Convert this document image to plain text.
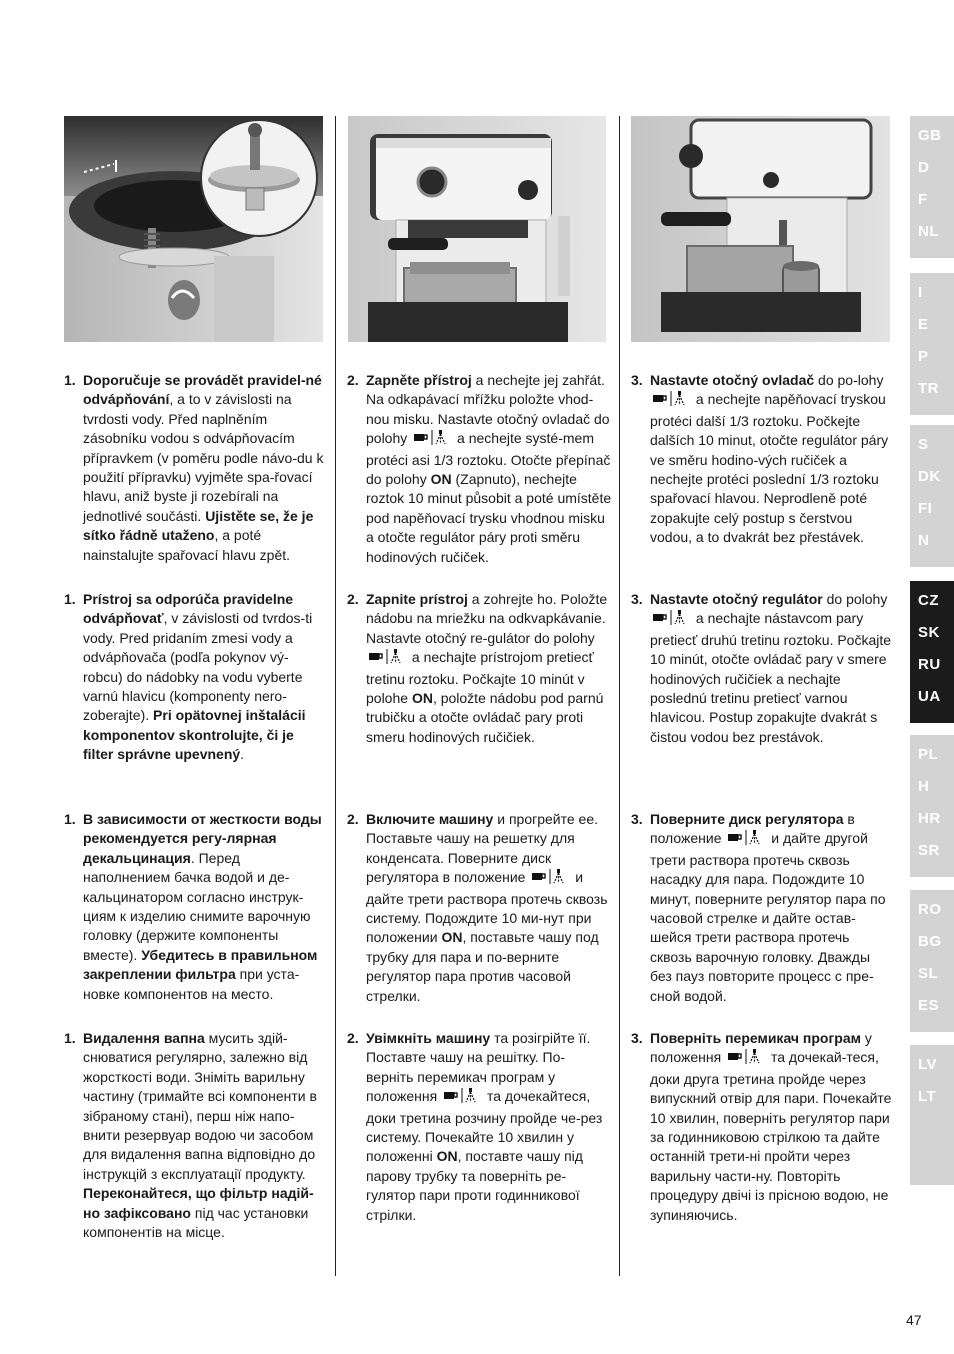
1. Doporučuje se provádět pravidel-né odvápňování, a to v závislosti na tvrdosti vody. Před naplněním zásobníku vodou s odvápňovacím přípravkem (v poměru podle návo-du k použití přípravku) vyjměte spa-řovací hlavu, aniž byste ji rozebírali na jednotlivé součásti. Ujistěte se, že je sítko řádně utaženo, a poté nainstalujte spařovací hlavu zpět.
2. Zapněte přístroj a nechejte jej zahřát. Na odkapávací mřížku položte vhod-nou misku. Nastavte otočný ovladač do polohy	a nechejte systé-mem protéci asi 1/3 roztoku. Otočte přepínač do polohy ON (Zapnuto), nechejte roztok 10 minut působit a poté umístěte pod napěňovací trysku vhodnou misku a otočte regulátor páry proti směru hodinových ručiček.
3. Nastavte otočný ovladač do po-lohy  a nechejte napěňovací tryskou protéci další 1/3 roztoku. Počkejte dalších 10 minut, otočte regulátor páry ve směru hodino-vých ručiček a nechejte protéci poslední 1/3 roztoku spařovací hlavou. Neprodleně poté zopakujte celý postup s čerstvou vodou, a to dvakrát bez přestávek.
1. Prístroj sa odporúča pravidelne odvápňovať, v závislosti od tvrdos-ti vody. Pred pridaním zmesi vody a odvápňovača (podľa pokynov vý-robcu) do nádobky na vodu vyberte varnú hlavicu (komponenty nero-zoberajte). Pri opätovnej inštalácii komponentov skontrolujte, či je filter správne upevnený.
2. Zapnite prístroj a zohrejte ho. Položte nádobu na mriežku na odkvapkávanie. Nastavte otočný re-gulátor do polohy  a nechajte prístrojom pretiecť tretinu roztoku. Počkajte 10 minút v polohe ON, položte nádobu pod parnú trubičku a otočte ovládač pary proti smeru hodinových ručičiek.
3. Nastavte otočný regulátor do polohy  a nechajte nástavcom pary pretiecť druhú tretinu roztoku. Počkajte 10 minút, otočte ovládač pary v smere hodinových ručičiek a nechajte poslednú tretinu pretiecť varnou hlavicou. Postup zopakujte dvakrát s čistou vodou bez prestávok.
1. В зависимости от жесткости воды рекомендуется регу-лярная декальцинация. Перед наполнением бачка водой и де-кальцинатором согласно инструк-циям к изделию снимите варочную головку (держите компоненты вместе). Убедитесь в правильном закреплении фильтра при уста-новке компонентов на место.
2. Включите машину и прогрейте ее. Поставьте чашу на решетку для конденсата. Поверните диск регулятора в положение	и дайте трети раствора протечь сквозь систему. Подождите 10 ми-нут при положении ON, поставьте чашу под трубку для пара и по-верните регулятор пара против часовой стрелки.
3. Поверните диск регулятора в положение	и дайте другой трети раствора протечь сквозь насадку для пара. Подождите 10 минут, поверните регулятор пара по часовой стрелке и дайте остав-шейся трети раствора протечь сквозь варочную головку. Дважды без пауз повторите процесс с пре-сной водой.
1. Видалення вапна мусить здій-снюватися регулярно, залежно від жорсткості води. Зніміть варильну частину (тримайте всі компоненти в зібраному стані), перш ніж напо-внити резервуар водою чи засобом для видалення вапна відповідно до інструкцій з експлуатації продукту. Переконайтеся, що фільтр надій-но зафіксовано під час установки компонентів на місце.
2. Увімкніть машину та розігрійте її. Поставте чашу на решітку. По-верніть перемикач програм у положення	та дочекайтеся, доки третина розчину пройде че-рез систему. Почекайте 10 хвилин у положенні ON, поставте чашу під парову трубку та поверніть ре-гулятор пари проти годинникової стрілки.
3. Поверніть перемикач програм у положення	та дочекай-теся, доки друга третина пройде через випускний отвір для пари. Почекайте 10 хвилин, поверніть регулятор пари за годинниковою стрілкою та дайте останній трети-ні пройти через варильну части-ну. Повторіть процедуру двічі із прісною водою, не зупиняючись.
GB
D
F
NL
I
E
P
TR
S
DK
FI
N
CZ
SK
RU
UA
PL
H
HR
SR
RO
BG
SL
ES
LV
LT
47
